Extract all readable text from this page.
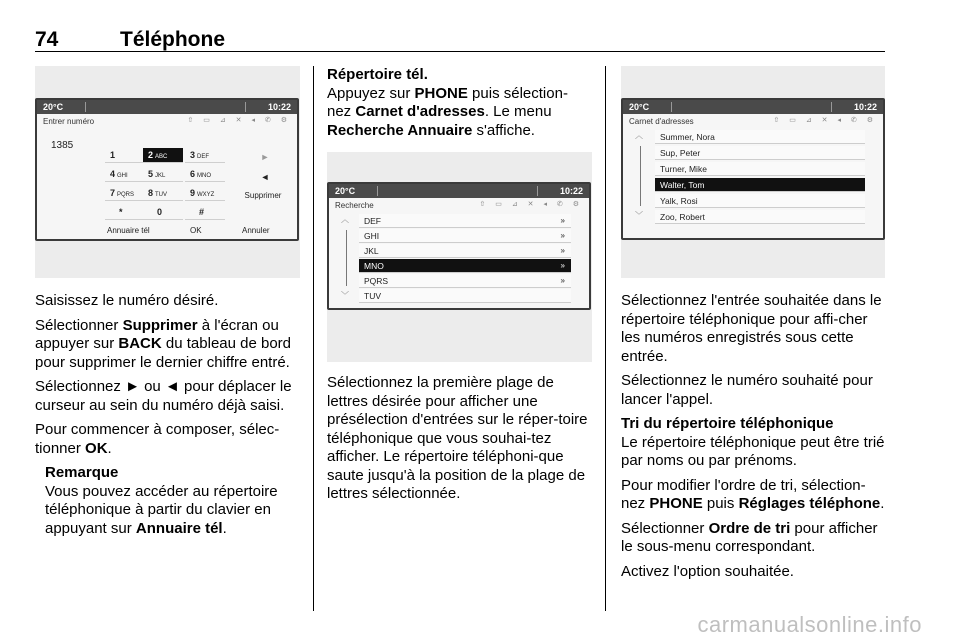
74	Téléphone
20°C	10:22
Entrer numéro	⇧ ▭ ⊿ ✕ ◂ ✆ ⚙
1385
1	2 ABC	3 DEF
4 GHI	5 JKL	6 MNO
7 PQRS	8 TUV	9 WXYZ
*	0	#
►
◄
Supprimer
Annuaire tél	OK	Annuler
20°C	10:22
Recherche	⇧ ▭ ⊿ ✕ ◂ ✆ ⚙
︿
﹀
DEF	»
GHI	»
JKL	»
MNO	»
PQRS	»
TUV
20°C	10:22
Carnet d'adresses	⇧ ▭ ⊿ ✕ ◂ ✆ ⚙
︿
﹀
Summer, Nora
Sup, Peter
Turner, Mike
Walter, Tom
Yalk, Rosi
Zoo, Robert

Saisissez le numéro désiré.

Sélectionner Supprimer à l'écran ou appuyer sur BACK du tableau de bord pour supprimer le dernier chiffre entré.

Sélectionnez ► ou ◄ pour déplacer le curseur au sein du numéro déjà saisi.

Pour commencer à composer, sélec-tionner OK.

Remarque
Vous pouvez accéder au répertoire téléphonique à partir du clavier en appuyant sur Annuaire tél.
Répertoire tél.

Appuyez sur PHONE puis sélection-nez Carnet d'adresses. Le menu Recherche Annuaire s'affiche.

Sélectionnez la première plage de lettres désirée pour afficher une présélection d'entrées sur le réper-toire téléphonique que vous souhai-tez afficher. Le répertoire téléphoni-que saute jusqu'à la position de la plage de lettres sélectionnée.

Sélectionnez l'entrée souhaitée dans le répertoire téléphonique pour affi-cher les numéros enregistrés sous cette entrée.

Sélectionnez le numéro souhaité pour lancer l'appel.

Tri du répertoire téléphonique

Le répertoire téléphonique peut être trié par noms ou par prénoms.

Pour modifier l'ordre de tri, sélection-nez PHONE puis Réglages téléphone.

Sélectionner Ordre de tri pour afficher le sous-menu correspondant.

Activez l'option souhaitée.

carmanualsonline.info
